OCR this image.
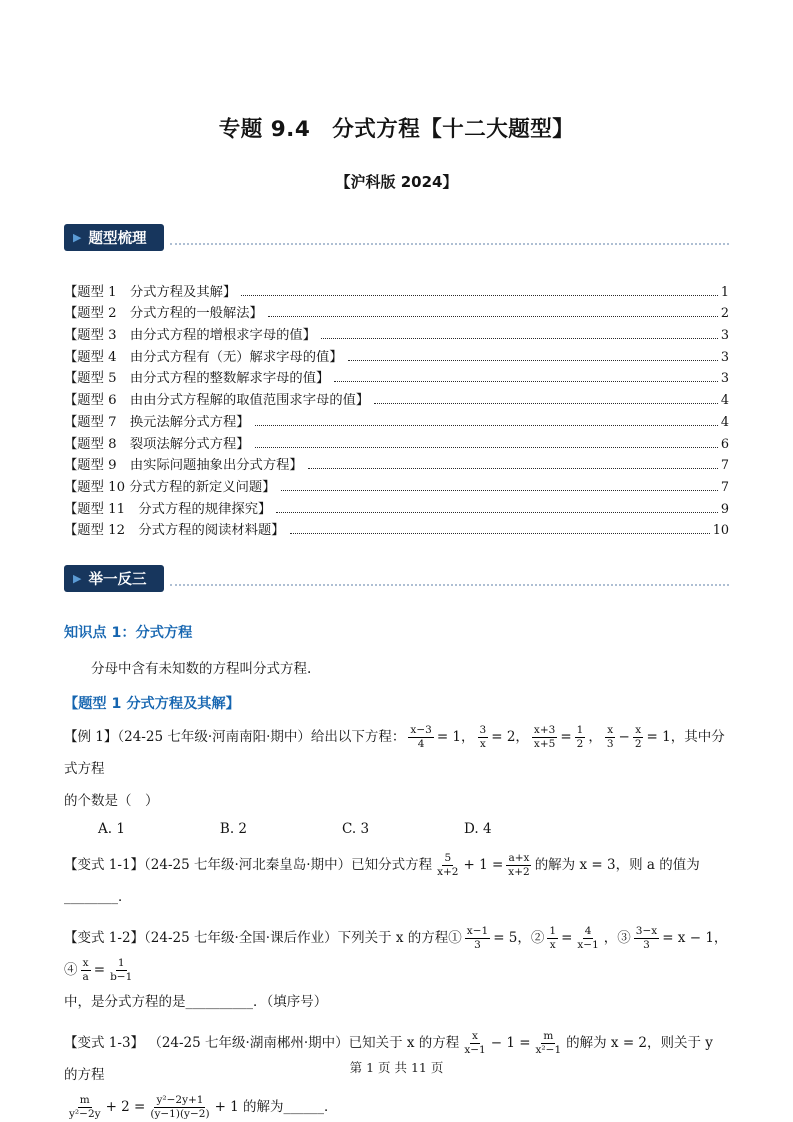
专题 9.4　分式方程【十二大题型】
【沪科版 2024】
▶ 题型梳理
【题型 1　分式方程及其解】	1
【题型 2　分式方程的一般解法】	2
【题型 3　由分式方程的增根求字母的值】	3
【题型 4　由分式方程有（无）解求字母的值】	3
【题型 5　由分式方程的整数解求字母的值】	3
【题型 6　由由分式方程解的取值范围求字母的值】	4
【题型 7　换元法解分式方程】	4
【题型 8　裂项法解分式方程】	6
【题型 9　由实际问题抽象出分式方程】	7
【题型 10 分式方程的新定义问题】	7
【题型 11　分式方程的规律探究】	9
【题型 12　分式方程的阅读材料题】	10
▶ 举一反三
知识点 1：分式方程

分母中含有未知数的方程叫分式方程.

【题型 1 分式方程及其解】
【例 1】（24-25 七年级·河南南阳·期中）给出以下方程： $\frac{x-3}{4} = 1$， $\frac{3}{x} = 2$， $\frac{x+3}{x+5} = \frac{1}{2}$ ， $\frac{x}{3} - \frac{x}{2} = 1$，其中分式方程
的个数是（　）
A. 1	B. 2	C. 3	D. 4
【变式 1-1】（24-25 七年级·河北秦皇岛·期中）已知分式方程 $\frac{5}{x+2} + 1 = \frac{a+x}{x+2}$ 的解为 x = 3，则 a 的值为________．
【变式 1-2】（24-25 七年级·全国·课后作业）下列关于 x 的方程① $\frac{x-1}{3} = 5$，② $\frac{1}{x} = \frac{4}{x-1}$ ，③ $\frac{3-x}{3} = x - 1$，④ $\frac{x}{a} = \frac{1}{b-1}$
中，是分式方程的是__________．（填序号）
【变式 1-3】 （24-25 七年级·湖南郴州·期中）已知关于 x 的方程 $\frac{x}{x-1} - 1 = \frac{m}{\text{x²−1}}$ 的解为 x = 2，则关于 y 的方程
$\frac{m}{\text{y²−2y}} + 2 = \frac{\text{y²−2y+1}}{(y-1)(y-2)} + 1$ 的解为______．
第 1 页 共 11 页
